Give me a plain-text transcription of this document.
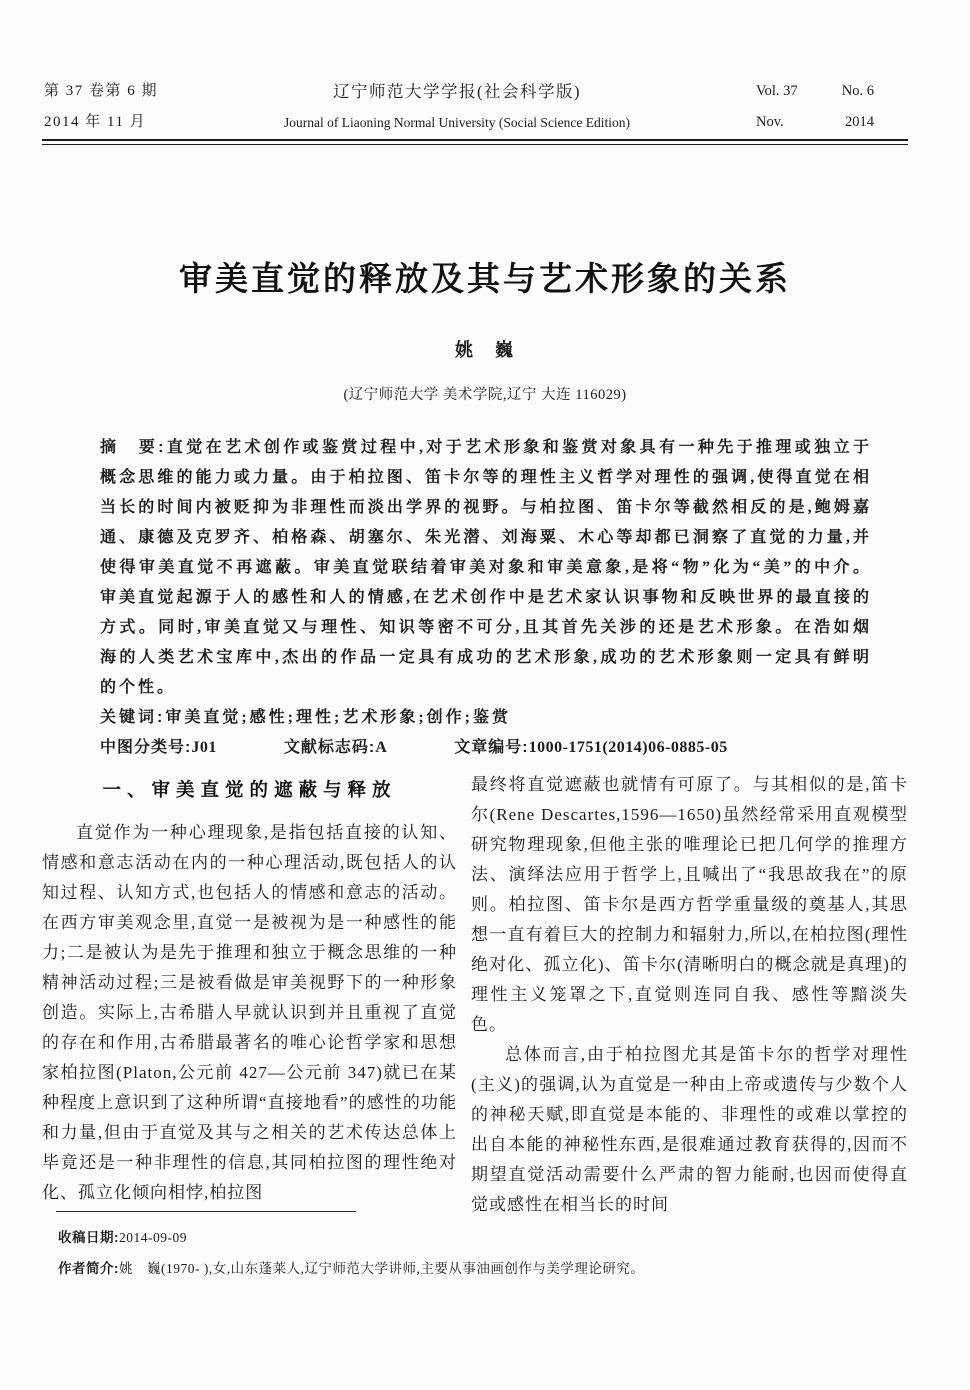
第 37 卷第 6 期
2014 年 11 月
辽宁师范大学学报(社会科学版)
Journal of Liaoning Normal University (Social Science Edition)
Vol. 37	No. 6
Nov.	2014
审美直觉的释放及其与艺术形象的关系
姚　巍
(辽宁师范大学 美术学院,辽宁 大连 116029)

摘　要:直觉在艺术创作或鉴赏过程中,对于艺术形象和鉴赏对象具有一种先于推理或独立于概念思维的能力或力量。由于柏拉图、笛卡尔等的理性主义哲学对理性的强调,使得直觉在相当长的时间内被贬抑为非理性而淡出学界的视野。与柏拉图、笛卡尔等截然相反的是,鲍姆嘉通、康德及克罗齐、柏格森、胡塞尔、朱光潜、刘海粟、木心等却都已洞察了直觉的力量,并使得审美直觉不再遮蔽。审美直觉联结着审美对象和审美意象,是将“物”化为“美”的中介。审美直觉起源于人的感性和人的情感,在艺术创作中是艺术家认识事物和反映世界的最直接的方式。同时,审美直觉又与理性、知识等密不可分,且其首先关涉的还是艺术形象。在浩如烟海的人类艺术宝库中,杰出的作品一定具有成功的艺术形象,成功的艺术形象则一定具有鲜明的个性。

关键词:审美直觉;感性;理性;艺术形象;创作;鉴赏

中图分类号:J01	文献标志码:A	文章编号:1000-1751(2014)06-0885-05

一、审美直觉的遮蔽与释放

直觉作为一种心理现象,是指包括直接的认知、情感和意志活动在内的一种心理活动,既包括人的认知过程、认知方式,也包括人的情感和意志的活动。在西方审美观念里,直觉一是被视为是一种感性的能力;二是被认为是先于推理和独立于概念思维的一种精神活动过程;三是被看做是审美视野下的一种形象创造。实际上,古希腊人早就认识到并且重视了直觉的存在和作用,古希腊最著名的唯心论哲学家和思想家柏拉图(Platon,公元前 427—公元前 347)就已在某种程度上意识到了这种所谓“直接地看”的感性的功能和力量,但由于直觉及其与之相关的艺术传达总体上毕竟还是一种非理性的信息,其同柏拉图的理性绝对化、孤立化倾向相悖,柏拉图

最终将直觉遮蔽也就情有可原了。与其相似的是,笛卡尔(Rene Descartes,1596—1650)虽然经常采用直观模型研究物理现象,但他主张的唯理论已把几何学的推理方法、演绎法应用于哲学上,且喊出了“我思故我在”的原则。柏拉图、笛卡尔是西方哲学重量级的奠基人,其思想一直有着巨大的控制力和辐射力,所以,在柏拉图(理性绝对化、孤立化)、笛卡尔(清晰明白的概念就是真理)的理性主义笼罩之下,直觉则连同自我、感性等黯淡失色。

总体而言,由于柏拉图尤其是笛卡尔的哲学对理性(主义)的强调,认为直觉是一种由上帝或遗传与少数个人的神秘天赋,即直觉是本能的、非理性的或难以掌控的出自本能的神秘性东西,是很难通过教育获得的,因而不期望直觉活动需要什么严肃的智力能耐,也因而使得直觉或感性在相当长的时间

收稿日期:2014-09-09

作者简介:姚　巍(1970- ),女,山东蓬莱人,辽宁师范大学讲师,主要从事油画创作与美学理论研究。
